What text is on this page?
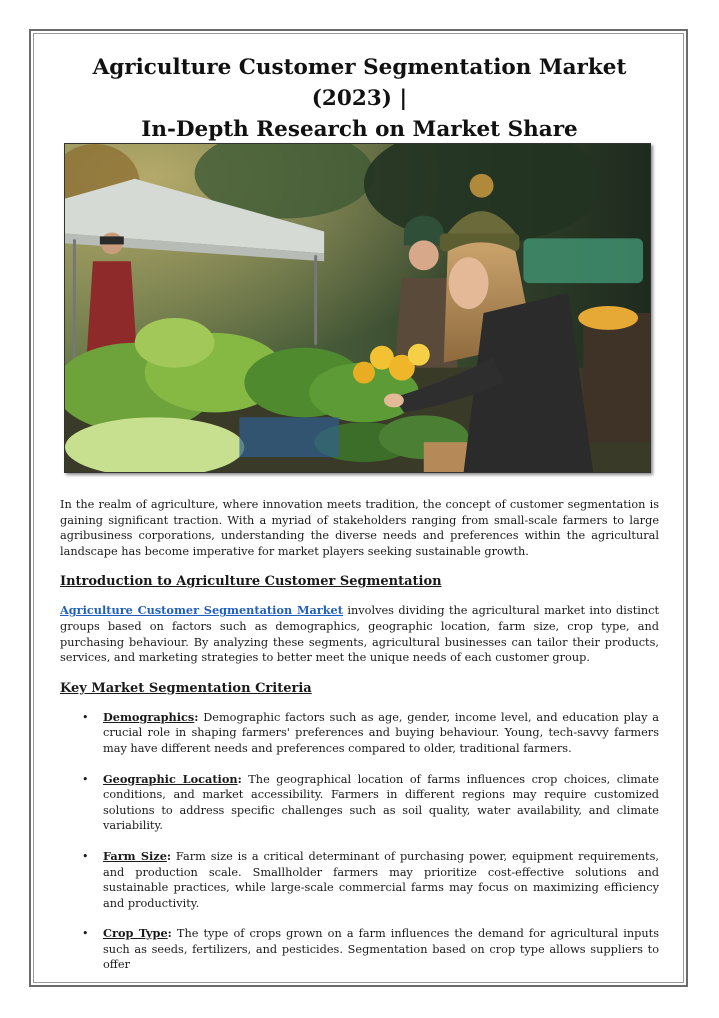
Agriculture Customer Segmentation Market (2023) |
In-Depth Research on Market Share

In the realm of agriculture, where innovation meets tradition, the concept of customer segmentation is gaining significant traction. With a myriad of stakeholders ranging from small-scale farmers to large agribusiness corporations, understanding the diverse needs and preferences within the agricultural landscape has become imperative for market players seeking sustainable growth.

Introduction to Agriculture Customer Segmentation

Agriculture Customer Segmentation Market involves dividing the agricultural market into distinct groups based on factors such as demographics, geographic location, farm size, crop type, and purchasing behaviour. By analyzing these segments, agricultural businesses can tailor their products, services, and marketing strategies to better meet the unique needs of each customer group.

Key Market Segmentation Criteria
• Demographics: Demographic factors such as age, gender, income level, and education play a crucial role in shaping farmers' preferences and buying behaviour. Young, tech-savvy farmers may have different needs and preferences compared to older, traditional farmers.
• Geographic Location: The geographical location of farms influences crop choices, climate conditions, and market accessibility. Farmers in different regions may require customized solutions to address specific challenges such as soil quality, water availability, and climate variability.
• Farm Size: Farm size is a critical determinant of purchasing power, equipment requirements, and production scale. Smallholder farmers may prioritize cost-effective solutions and sustainable practices, while large-scale commercial farms may focus on maximizing efficiency and productivity.
• Crop Type: The type of crops grown on a farm influences the demand for agricultural inputs such as seeds, fertilizers, and pesticides. Segmentation based on crop type allows suppliers to offer
